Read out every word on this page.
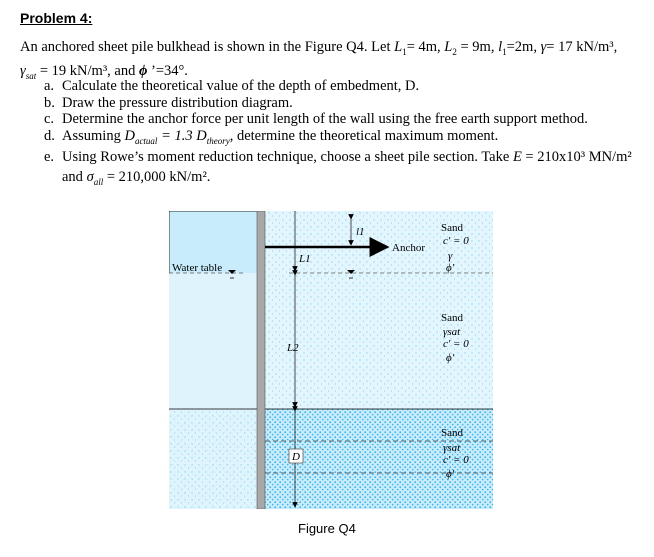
Problem 4:
An anchored sheet pile bulkhead is shown in the Figure Q4. Let $L_1= 4m$, $L_2 = 9m$, $l_1=2m$, γ= 17 kN/m³,
$\gamma_{sat} = 19$ kN/m³, and ϕ ’=34°.
a. Calculate the theoretical value of the depth of embedment, D.
b. Draw the pressure distribution diagram.
c. Determine the anchor force per unit length of the wall using the free earth support method.
d. Assuming $D_{actual} = 1.3$ $D_{theory}$, determine the theoretical maximum moment.
e. Using Rowe’s moment reduction technique, choose a sheet pile section. Take E = 210x10³ MN/m²
and $\sigma_{all} = 210,000$ kN/m².
l1
L1
L2
D
Water table
Anchor
Sand
c′ = 0
γ
ϕ′
Sand
γsat
c′ = 0
ϕ′
Sand
γsat
c′ = 0
ϕ′
Figure Q4
